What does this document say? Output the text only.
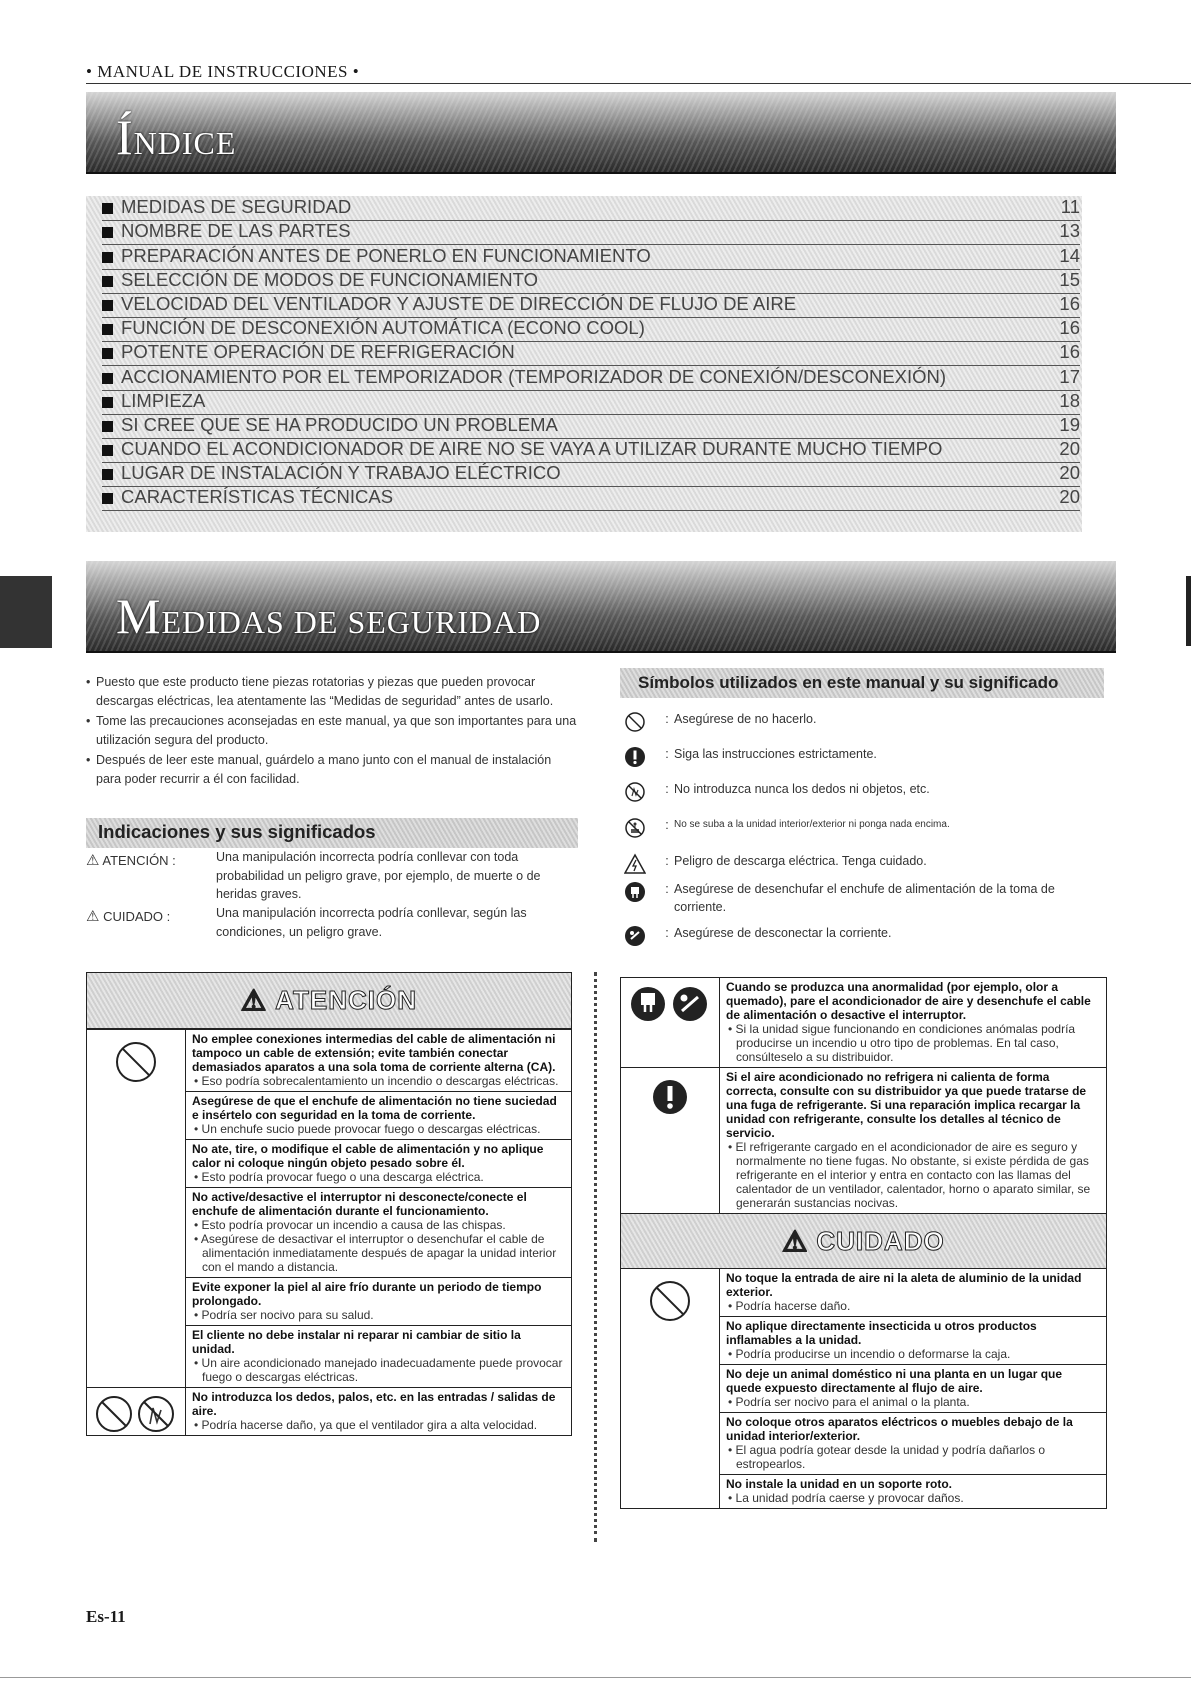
• MANUAL DE INSTRUCCIONES •
ÍNDICE
MEDIDAS DE SEGURIDAD	11
NOMBRE DE LAS PARTES	13
PREPARACIÓN ANTES DE PONERLO EN FUNCIONAMIENTO	14
SELECCIÓN DE MODOS DE FUNCIONAMIENTO	15
VELOCIDAD DEL VENTILADOR Y AJUSTE DE DIRECCIÓN DE FLUJO DE AIRE	16
FUNCIÓN DE DESCONEXIÓN AUTOMÁTICA (ECONO COOL)	16
POTENTE OPERACIÓN DE REFRIGERACIÓN	16
ACCIONAMIENTO POR EL TEMPORIZADOR (TEMPORIZADOR DE CONEXIÓN/DESCONEXIÓN)	17
LIMPIEZA	18
SI CREE QUE SE HA PRODUCIDO UN PROBLEMA	19
CUANDO EL ACONDICIONADOR DE AIRE NO SE VAYA A UTILIZAR DURANTE MUCHO TIEMPO	20
LUGAR DE INSTALACIÓN Y TRABAJO ELÉCTRICO	20
CARACTERÍSTICAS TÉCNICAS	20
MEDIDAS DE SEGURIDAD
• Puesto que este producto tiene piezas rotatorias y piezas que pueden provocar descargas eléctricas, lea atentamente las “Medidas de seguridad” antes de usarlo.
• Tome las precauciones aconsejadas en este manual, ya que son importantes para una utilización segura del producto.
• Después de leer este manual, guárdelo a mano junto con el manual de instalación para poder recurrir a él con facilidad.
Indicaciones y sus significados
⚠ ATENCIÓN :	Una manipulación incorrecta podría conllevar con toda probabilidad un peligro grave, por ejemplo, de muerte o de heridas graves.
⚠ CUIDADO :	Una manipulación incorrecta podría conllevar, según las condiciones, un peligro grave.
Símbolos utilizados en este manual y su significado
: Asegúrese de no hacerlo.
: Siga las instrucciones estrictamente.
: No introduzca nunca los dedos ni objetos, etc.
: No se suba a la unidad interior/exterior ni ponga nada encima.
: Peligro de descarga eléctrica. Tenga cuidado.
: Asegúrese de desenchufar el enchufe de alimentación de la toma de corriente.
: Asegúrese de desconectar la corriente.
⚠ ATENCIÓN
No emplee conexiones intermedias del cable de alimentación ni tampoco un cable de extensión; evite también conectar demasiados aparatos a una sola toma de corriente alterna (CA).
• Eso podría sobrecalentamiento un incendio o descargas eléctricas.
Asegúrese de que el enchufe de alimentación no tiene suciedad e insértelo con seguridad en la toma de corriente.
• Un enchufe sucio puede provocar fuego o descargas eléctricas.
No ate, tire, o modifique el cable de alimentación y no aplique calor ni coloque ningún objeto pesado sobre él.
• Esto podría provocar fuego o una descarga eléctrica.
No active/desactive el interruptor ni desconecte/conecte el enchufe de alimentación durante el funcionamiento.
• Esto podría provocar un incendio a causa de las chispas.
• Asegúrese de desactivar el interruptor o desenchufar el cable de alimentación inmediatamente después de apagar la unidad interior con el mando a distancia.
Evite exponer la piel al aire frío durante un periodo de tiempo prolongado.
• Podría ser nocivo para su salud.
El cliente no debe instalar ni reparar ni cambiar de sitio la unidad.
• Un aire acondicionado manejado inadecuadamente puede provocar fuego o descargas eléctricas.
No introduzca los dedos, palos, etc. en las entradas / salidas de aire.
• Podría hacerse daño, ya que el ventilador gira a alta velocidad.
Cuando se produzca una anormalidad (por ejemplo, olor a quemado), pare el acondicionador de aire y desenchufe el cable de alimentación o desactive el interruptor.
• Si la unidad sigue funcionando en condiciones anómalas podría producirse un incendio u otro tipo de problemas. En tal caso, consúlteselo a su distribuidor.
Si el aire acondicionado no refrigera ni calienta de forma correcta, consulte con su distribuidor ya que puede tratarse de una fuga de refrigerante. Si una reparación implica recargar la unidad con refrigerante, consulte los detalles al técnico de servicio.
• El refrigerante cargado en el acondicionador de aire es seguro y normalmente no tiene fugas. No obstante, si existe pérdida de gas refrigerante en el interior y entra en contacto con las llamas del calentador de un ventilador, calentador, horno o aparato similar, se generarán sustancias nocivas.
⚠ CUIDADO
No toque la entrada de aire ni la aleta de aluminio de la unidad exterior.
• Podría hacerse daño.
No aplique directamente insecticida u otros productos inflamables a la unidad.
• Podría producirse un incendio o deformarse la caja.
No deje un animal doméstico ni una planta en un lugar que quede expuesto directamente al flujo de aire.
• Podría ser nocivo para el animal o la planta.
No coloque otros aparatos eléctricos o muebles debajo de la unidad interior/exterior.
• El agua podría gotear desde la unidad y podría dañarlos o estropearlos.
No instale la unidad en un soporte roto.
• La unidad podría caerse y provocar daños.
Es-11
